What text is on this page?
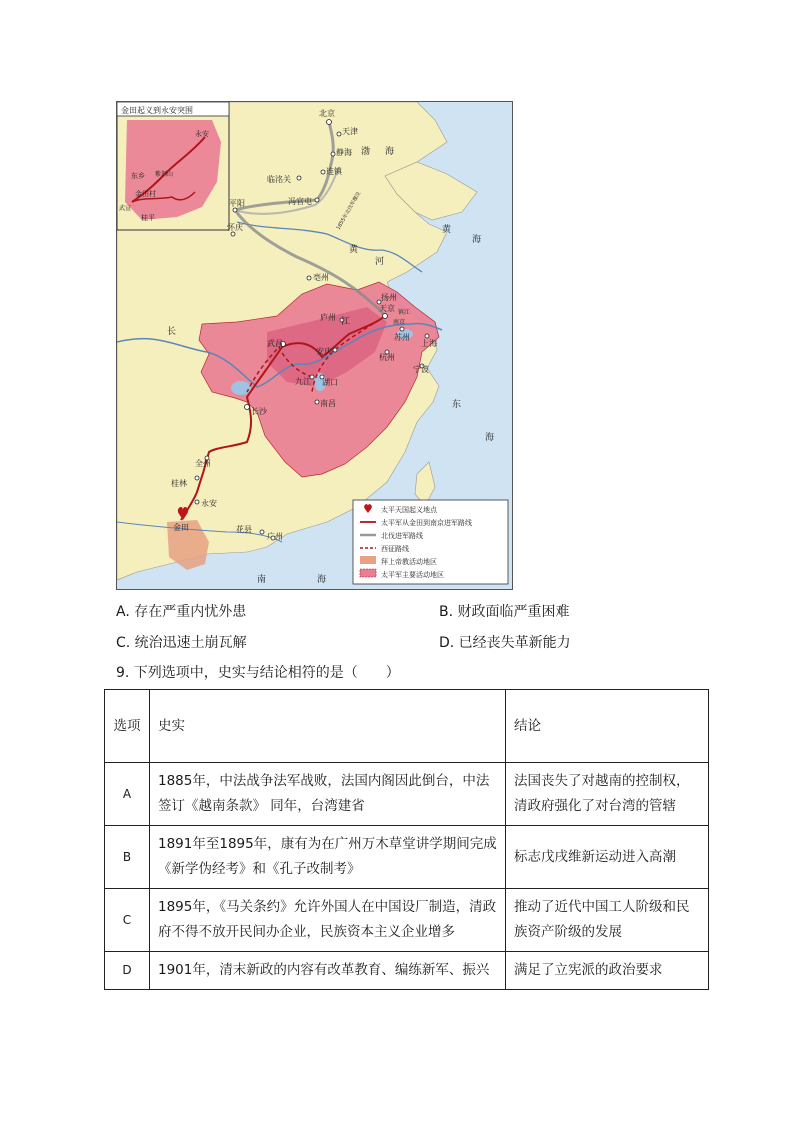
金田起义到永安突围
永安
东乡 紫荆山
金田村
武宣
桂平
北京
天津
静海
临洺关
连镇
冯官屯
平阳
怀庆
亳州
扬州
庐州
天京
南京
镇江
苏州
上海
杭州
宁波
武昌
安庆
九江 湖口
南昌
长沙
全州
桂林
永安
金田	花县
广州
渤 海
黄
海
东
海
南	海
黄
河
长
江
1855年北伐军覆没
太平天国起义地点
太平军从金田到南京进军路线
北伐进军路线
西征路线
拜上帝教活动地区
太平军主要活动地区
A. 存在严重内忧外患	B. 财政面临严重困难
C. 统治迅速土崩瓦解	D. 已经丧失革新能力
9. 下列选项中，史实与结论相符的是（　　）
选项	史实	结论
A	1885年，中法战争法军战败，法国内阁因此倒台，中法签订《越南条款》 同年，台湾建省	法国丧失了对越南的控制权，清政府强化了对台湾的管辖
B	1891年至1895年，康有为在广州万木草堂讲学期间完成《新学伪经考》和《孔子改制考》	标志戊戌维新运动进入高潮
C	1895年，《马关条约》允许外国人在中国设厂制造，清政府不得不放开民间办企业，民族资本主义企业增多	推动了近代中国工人阶级和民族资产阶级的发展
D	1901年，清末新政的内容有改革教育、编练新军、振兴	满足了立宪派的政治要求
